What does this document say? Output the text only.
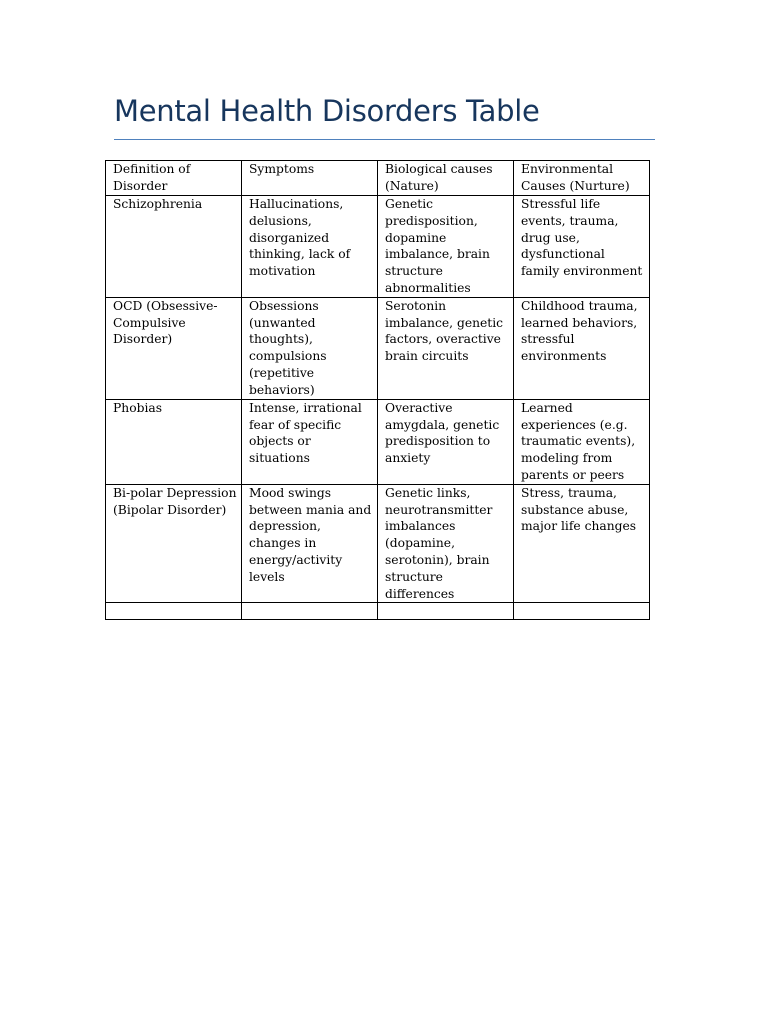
Mental Health Disorders Table
Definition of Disorder	Symptoms	Biological causes (Nature)	Environmental Causes (Nurture)
Schizophrenia	Hallucinations, delusions, disorganized thinking, lack of motivation	Genetic predisposition, dopamine imbalance, brain structure abnormalities	Stressful life events, trauma, drug use, dysfunctional family environment
OCD (Obsessive-Compulsive Disorder)	Obsessions (unwanted thoughts), compulsions (repetitive behaviors)	Serotonin imbalance, genetic factors, overactive brain circuits	Childhood trauma, learned behaviors, stressful environments
Phobias	Intense, irrational fear of specific objects or situations	Overactive amygdala, genetic predisposition to anxiety	Learned experiences (e.g. traumatic events), modeling from parents or peers
Bi-polar Depression (Bipolar Disorder)	Mood swings between mania and depression, changes in energy/activity levels	Genetic links, neurotransmitter imbalances (dopamine, serotonin), brain structure differences	Stress, trauma, substance abuse, major life changes
